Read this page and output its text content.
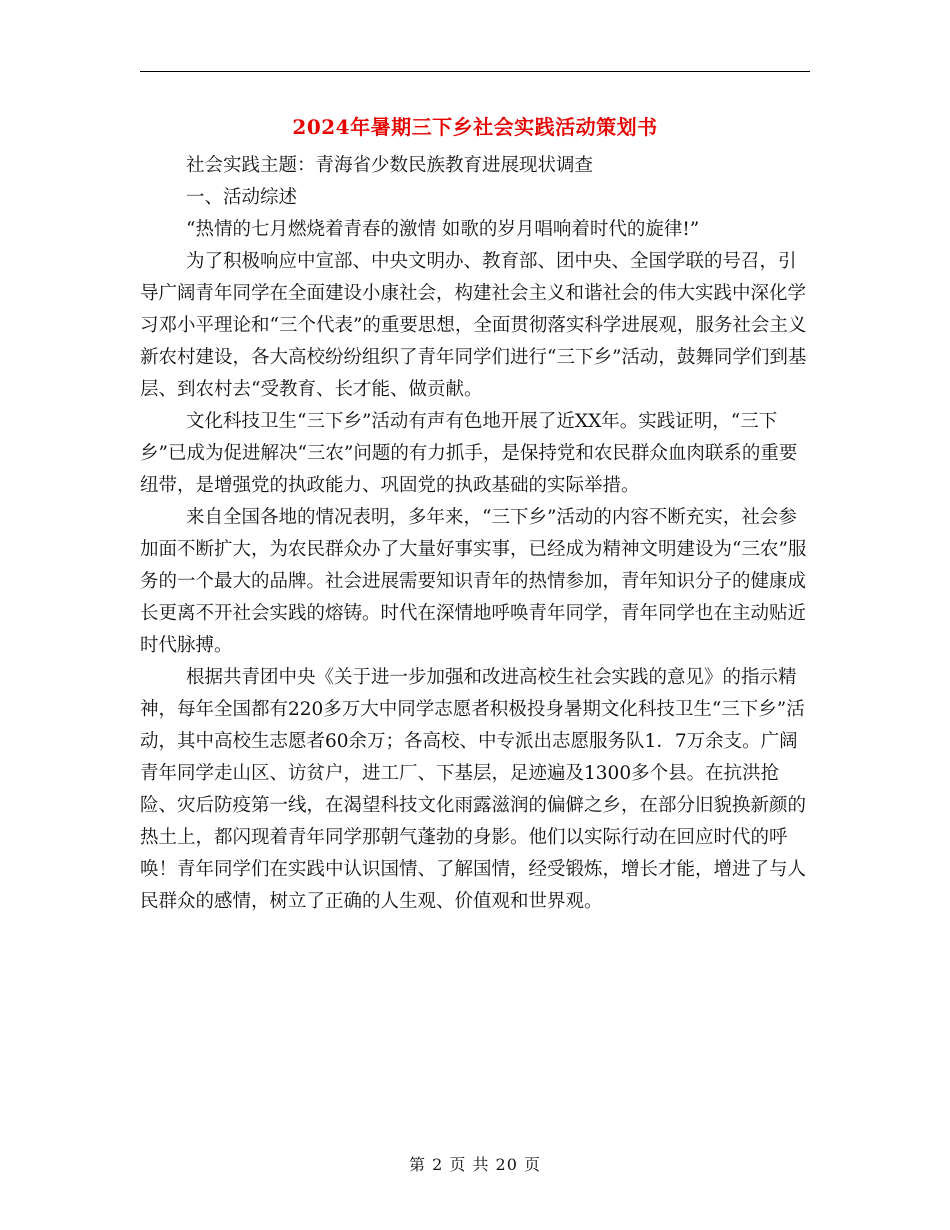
2024年暑期三下乡社会实践活动策划书

社会实践主题：青海省少数民族教育进展现状调查

一、活动综述

“热情的七月燃烧着青春的激情 如歌的岁月唱响着时代的旋律!”

为了积极响应中宣部、中央文明办、教育部、团中央、全国学联的号召，引导广阔青年同学在全面建设小康社会，构建社会主义和谐社会的伟大实践中深化学习邓小平理论和“三个代表”的重要思想，全面贯彻落实科学进展观，服务社会主义新农村建设，各大高校纷纷组织了青年同学们进行“三下乡”活动，鼓舞同学们到基层、到农村去“受教育、长才能、做贡献。

文化科技卫生“三下乡”活动有声有色地开展了近XX年。实践证明，“三下乡”已成为促进解决“三农”问题的有力抓手，是保持党和农民群众血肉联系的重要纽带，是增强党的执政能力、巩固党的执政基础的实际举措。

来自全国各地的情况表明，多年来，“三下乡”活动的内容不断充实，社会参加面不断扩大，为农民群众办了大量好事实事，已经成为精神文明建设为“三农”服务的一个最大的品牌。社会进展需要知识青年的热情参加，青年知识分子的健康成长更离不开社会实践的熔铸。时代在深情地呼唤青年同学，青年同学也在主动贴近时代脉搏。

根据共青团中央《关于进一步加强和改进高校生社会实践的意见》的指示精神，每年全国都有220多万大中同学志愿者积极投身暑期文化科技卫生“三下乡”活动，其中高校生志愿者60余万；各高校、中专派出志愿服务队1．7万余支。广阔青年同学走山区、访贫户，进工厂、下基层，足迹遍及1300多个县。在抗洪抢险、灾后防疫第一线，在渴望科技文化雨露滋润的偏僻之乡，在部分旧貌换新颜的热土上，都闪现着青年同学那朝气蓬勃的身影。他们以实际行动在回应时代的呼唤！青年同学们在实践中认识国情、了解国情，经受锻炼，增长才能，增进了与人民群众的感情，树立了正确的人生观、价值观和世界观。

第 2 页 共 20 页
